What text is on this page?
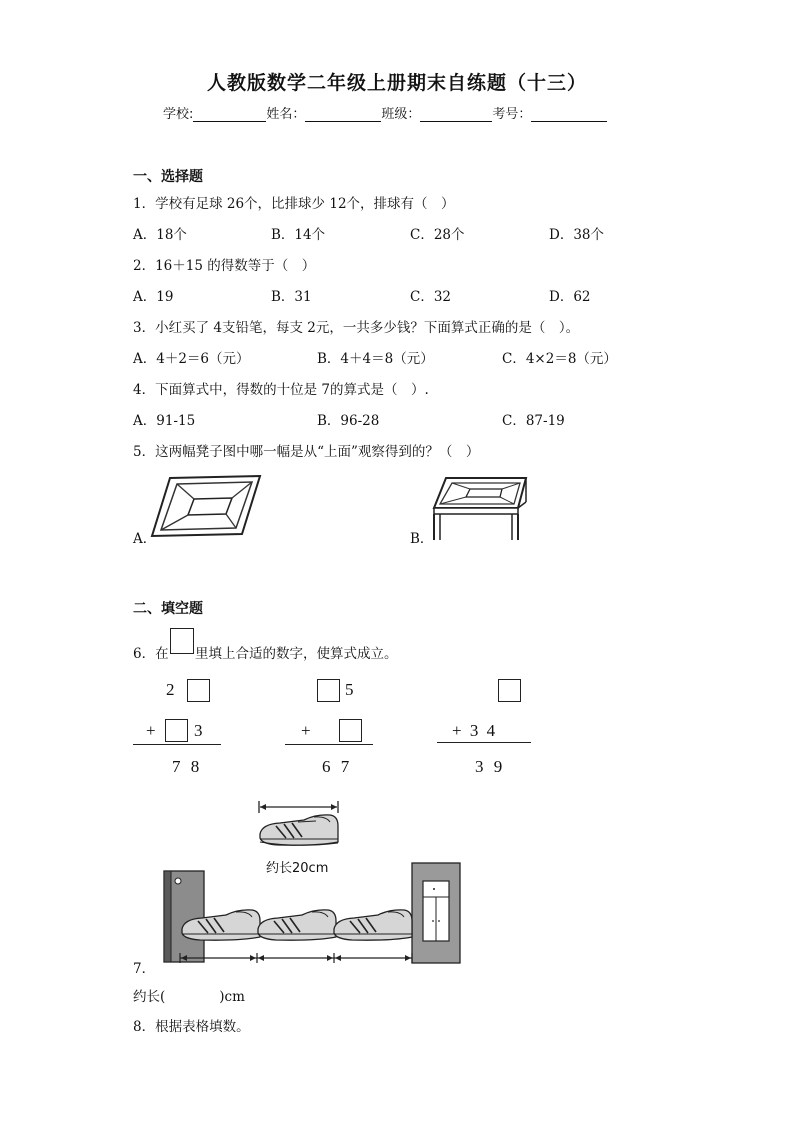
人教版数学二年级上册期末自练题（十三）
学校:	姓名：	班级：	考号：
一、选择题
1．学校有足球 26个，比排球少 12个，排球有（　）
A．18个	B．14个	C．28个	D．38个
2．16＋15 的得数等于（　）
A．19	B．31	C．32	D．62
3．小红买了 4支铅笔，每支 2元，一共多少钱？下面算式正确的是（　）。
A．4＋2＝6（元）	B．4＋4＝8（元）	C．4×2＝8（元）
4．下面算式中，得数的十位是 7的算式是（　）.
A．91-15	B．96-28	C．87-19
5．这两幅凳子图中哪一幅是从“上面”观察得到的？（　）
A．	B．
二、填空题
6．在 里填上合适的数字，使算式成立。
2
+ 3
7 8
5
+
6 7
+ 3 4
3 9
约长20cm
7．
约长(　　　　)cm
8．根据表格填数。
